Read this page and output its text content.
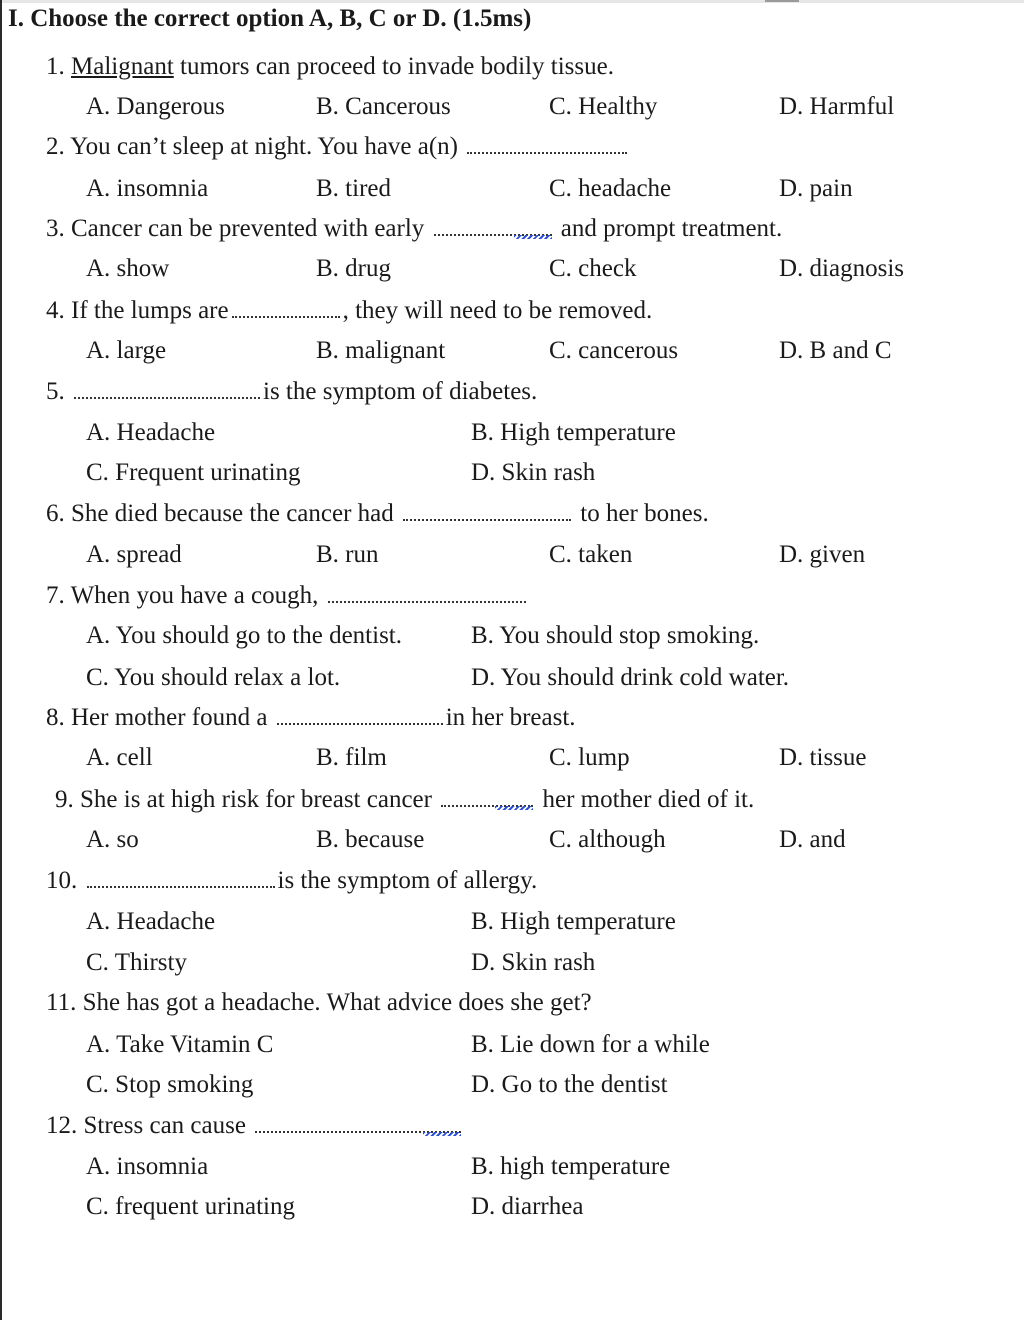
I. Choose the correct option A, B, C or D. (1.5ms)
1. Malignant tumors can proceed to invade bodily tissue.
A. Dangerous	B. Cancerous	C. Healthy	D. Harmful
2. You can’t sleep at night. You have a(n)
A. insomnia	B. tired	C. headache	D. pain
3. Cancer can be prevented with early	and prompt treatment.
A. show	B. drug	C. check	D. diagnosis
4. If the lumps are	, they will need to be removed.
A. large	B. malignant	C. cancerous	D. B and C
5.	is the symptom of diabetes.
A. Headache	B. High temperature
C. Frequent urinating	D. Skin rash
6. She died because the cancer had	to her bones.
A. spread	B. run	C. taken	D. given
7. When you have a cough,
A. You should go to the dentist.	B. You should stop smoking.
C. You should relax a lot.	D. You should drink cold water.
8. Her mother found a	in her breast.
A. cell	B. film	C. lump	D. tissue
9. She is at high risk for breast cancer	her mother died of it.
A. so	B. because	C. although	D. and
10.	is the symptom of allergy.
A. Headache	B. High temperature
C. Thirsty	D. Skin rash
11. She has got a headache. What advice does she get?
A. Take Vitamin C	B. Lie down for a while
C. Stop smoking	D. Go to the dentist
12. Stress can cause
A. insomnia	B. high temperature
C. frequent urinating	D. diarrhea
